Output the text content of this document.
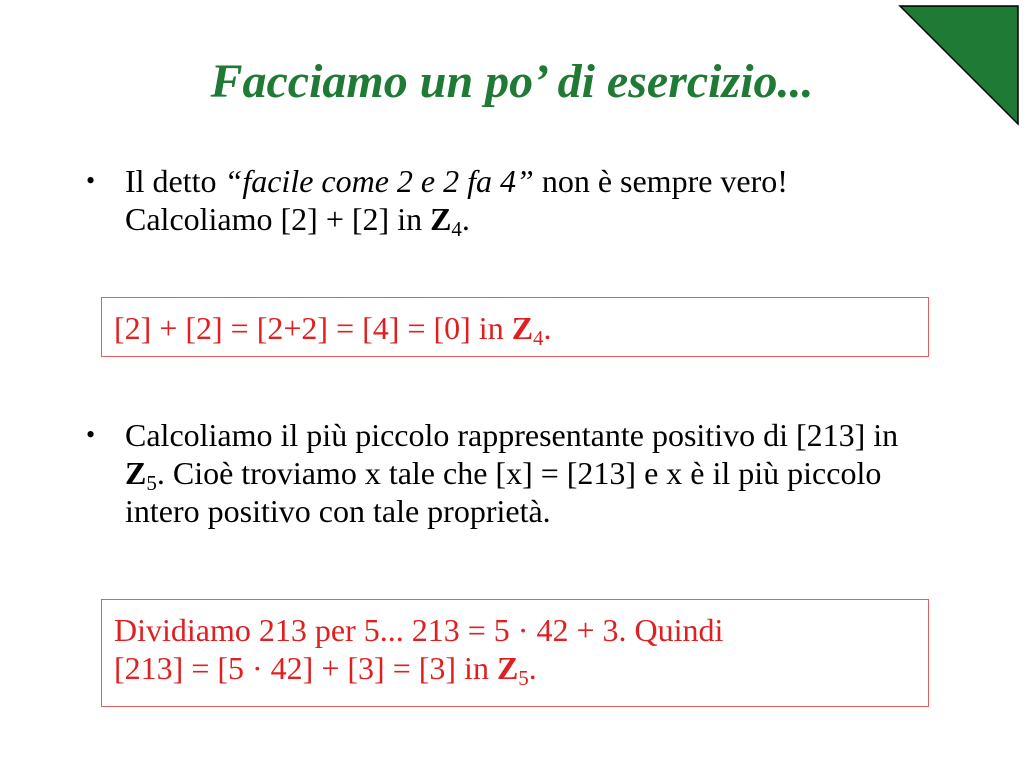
Facciamo un po’ di esercizio...
• Il detto “facile come 2 e 2 fa 4” non è sempre vero! Calcoliamo [2] + [2] in $Z_4$.
[2] + [2] = [2+2] = [4] = [0] in $Z_4$.
• Calcoliamo il più piccolo rappresentante positivo di [213] in $Z_5$. Cioè troviamo x tale che [x] = [213] e x è il più piccolo intero positivo con tale proprietà.
Dividiamo 213 per 5... 213 = 5 · 42 + 3. Quindi
[213] = [5 · 42] + [3] = [3] in $Z_5$.
